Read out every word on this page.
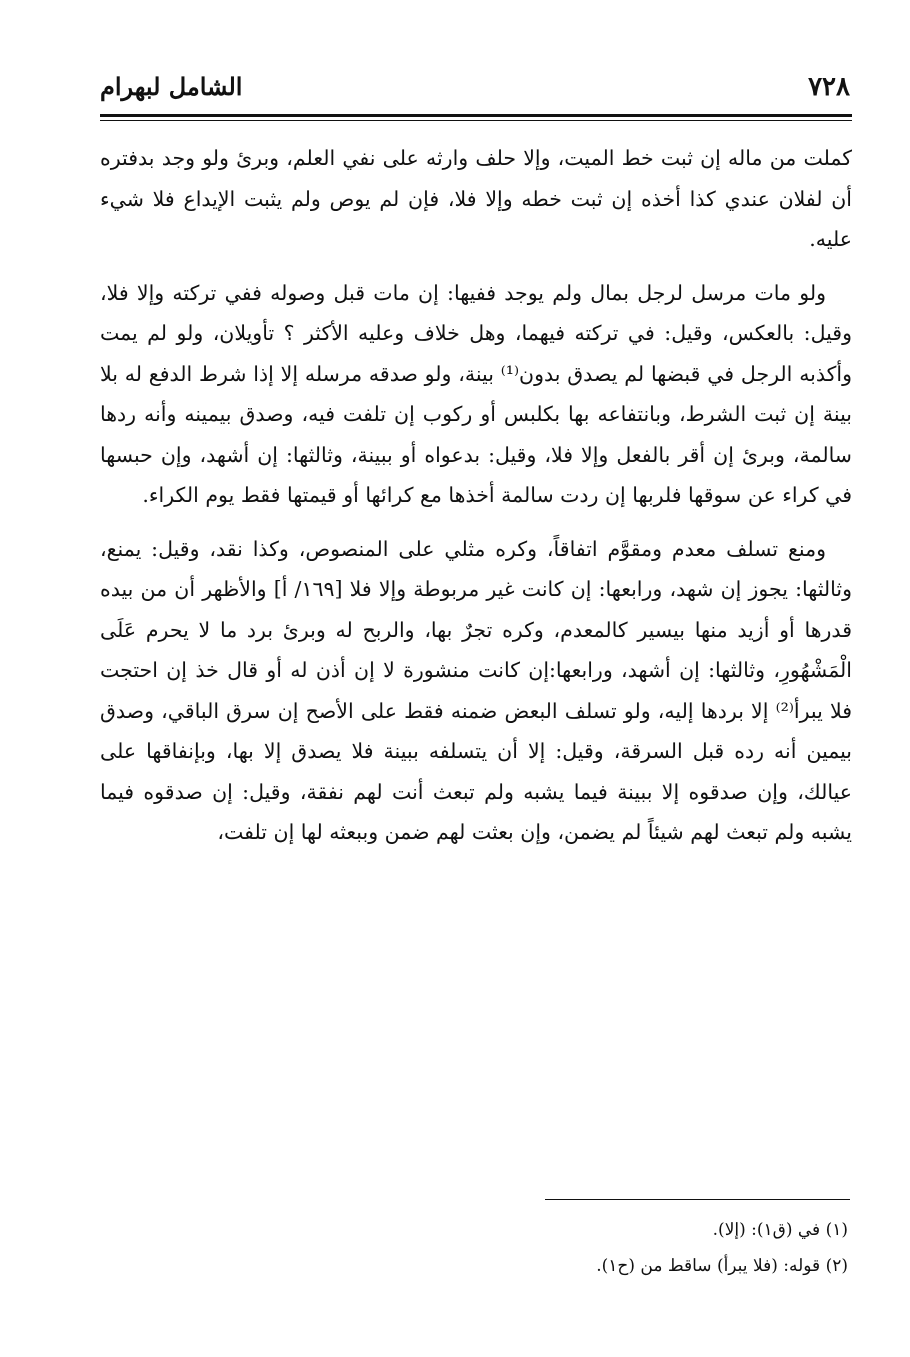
٧٢٨
الشامل لبهرام

كملت من ماله إن ثبت خط الميت، وإلا حلف وارثه على نفي العلم، وبرئ ولو وجد بدفتره أن لفلان عندي كذا أخذه إن ثبت خطه وإلا فلا، فإن لم يوص ولم يثبت الإيداع فلا شيء عليه.

ولو مات مرسل لرجل بمال ولم يوجد ففيها: إن مات قبل وصوله ففي تركته وإلا فلا، وقيل: بالعكس، وقيل: في تركته فيهما، وهل خلاف وعليه الأكثر ؟ تأويلان، ولو لم يمت وأكذبه الرجل في قبضها لم يصدق بدون⁽¹⁾ بينة، ولو صدقه مرسله إلا إذا شرط الدفع له بلا بينة إن ثبت الشرط، وبانتفاعه بها بكلبس أو ركوب إن تلفت فيه، وصدق بيمينه وأنه ردها سالمة، وبرئ إن أقر بالفعل وإلا فلا، وقيل: بدعواه أو ببينة، وثالثها: إن أشهد، وإن حبسها في كراء عن سوقها فلربها إن ردت سالمة أخذها مع كرائها أو قيمتها فقط يوم الكراء.

ومنع تسلف معدم ومقوَّم اتفاقاً، وكره مثلي على المنصوص، وكذا نقد، وقيل: يمنع، وثالثها: يجوز إن شهد، ورابعها: إن كانت غير مربوطة وإلا فلا [١٦٩/ أ] والأظهر أن من بيده قدرها أو أزيد منها بيسير كالمعدم، وكره تجرٌ بها، والربح له وبرئ برد ما لا يحرم عَلَى الْمَشْهُورِ، وثالثها: إن أشهد، ورابعها:إن كانت منشورة لا إن أذن له أو قال خذ إن احتجت فلا يبرأ⁽²⁾ إلا بردها إليه، ولو تسلف البعض ضمنه فقط على الأصح إن سرق الباقي، وصدق بيمين أنه رده قبل السرقة، وقيل: إلا أن يتسلفه ببينة فلا يصدق إلا بها، وبإنفاقها على عيالك، وإن صدقوه إلا ببينة فيما يشبه ولم تبعث أنت لهم نفقة، وقيل: إن صدقوه فيما يشبه ولم تبعث لهم شيئاً لم يضمن، وإن بعثت لهم ضمن وببعثه لها إن تلفت،

(١) في (ق١): (إلا).
(٢) قوله: (فلا يبرأ) ساقط من (ح١).
